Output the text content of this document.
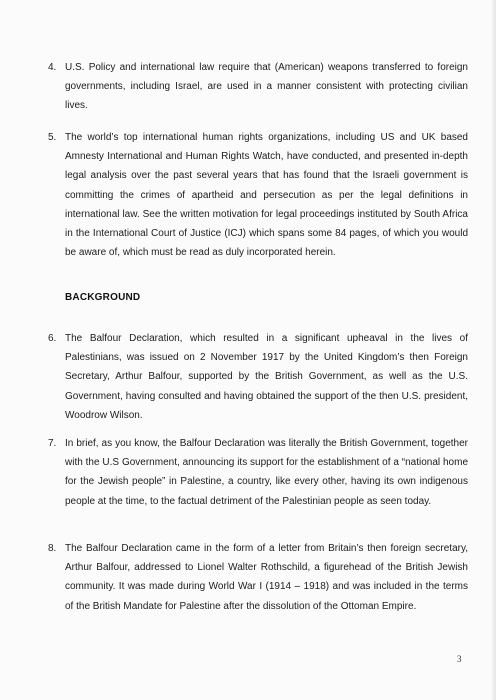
4. U.S. Policy and international law require that (American) weapons transferred to foreign governments, including Israel, are used in a manner consistent with protecting civilian lives.
5. The world’s top international human rights organizations, including US and UK based Amnesty International and Human Rights Watch, have conducted, and presented in-depth legal analysis over the past several years that has found that the Israeli government is committing the crimes of apartheid and persecution as per the legal definitions in international law. See the written motivation for legal proceedings instituted by South Africa in the International Court of Justice (ICJ) which spans some 84 pages, of which you would be aware of, which must be read as duly incorporated herein.
BACKGROUND
6. The Balfour Declaration, which resulted in a significant upheaval in the lives of Palestinians, was issued on 2 November 1917 by the United Kingdom’s then Foreign Secretary, Arthur Balfour, supported by the British Government, as well as the U.S. Government, having consulted and having obtained the support of the then U.S. president, Woodrow Wilson.
7. In brief, as you know, the Balfour Declaration was literally the British Government, together with the U.S Government, announcing its support for the establishment of a “national home for the Jewish people” in Palestine, a country, like every other, having its own indigenous people at the time, to the factual detriment of the Palestinian people as seen today.
8. The Balfour Declaration came in the form of a letter from Britain’s then foreign secretary, Arthur Balfour, addressed to Lionel Walter Rothschild, a figurehead of the British Jewish community. It was made during World War I (1914 – 1918) and was included in the terms of the British Mandate for Palestine after the dissolution of the Ottoman Empire.
3
